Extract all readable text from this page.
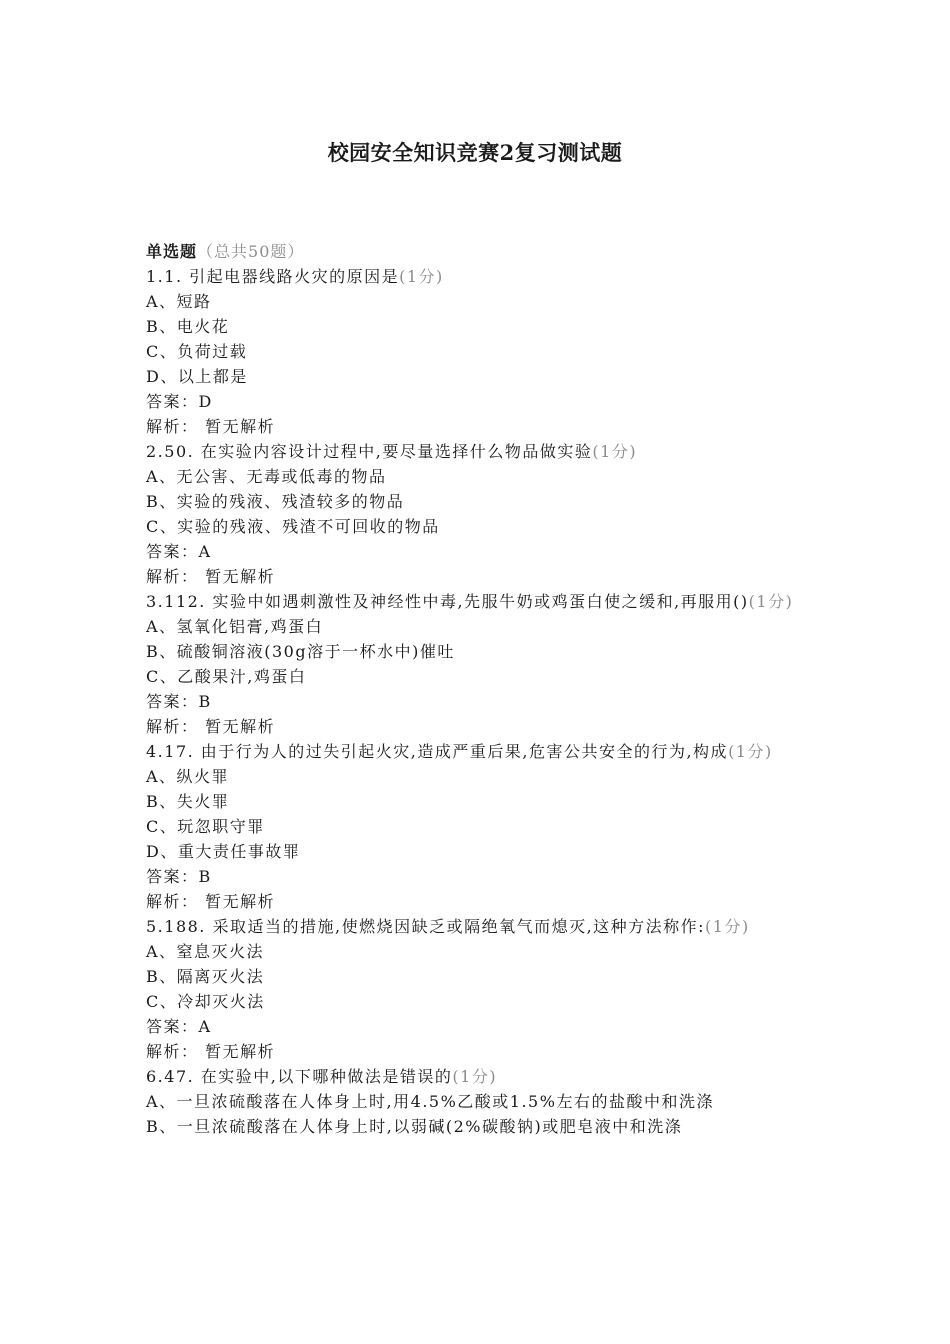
校园安全知识竞赛2复习测试题
单选题（总共50题）
1.1. 引起电器线路火灾的原因是(1分)
A、短路
B、电火花
C、负荷过载
D、以上都是
答案：D
解析： 暂无解析
2.50. 在实验内容设计过程中,要尽量选择什么物品做实验(1分)
A、无公害、无毒或低毒的物品
B、实验的残液、残渣较多的物品
C、实验的残液、残渣不可回收的物品
答案：A
解析： 暂无解析
3.112. 实验中如遇刺激性及神经性中毒,先服牛奶或鸡蛋白使之缓和,再服用()(1分)
A、氢氧化铝膏,鸡蛋白
B、硫酸铜溶液(30g溶于一杯水中)催吐
C、乙酸果汁,鸡蛋白
答案：B
解析： 暂无解析
4.17. 由于行为人的过失引起火灾,造成严重后果,危害公共安全的行为,构成(1分)
A、纵火罪
B、失火罪
C、玩忽职守罪
D、重大责任事故罪
答案：B
解析： 暂无解析
5.188. 采取适当的措施,使燃烧因缺乏或隔绝氧气而熄灭,这种方法称作:(1分)
A、窒息灭火法
B、隔离灭火法
C、冷却灭火法
答案：A
解析： 暂无解析
6.47. 在实验中,以下哪种做法是错误的(1分)
A、一旦浓硫酸落在人体身上时,用4.5%乙酸或1.5%左右的盐酸中和洗涤
B、一旦浓硫酸落在人体身上时,以弱碱(2%碳酸钠)或肥皂液中和洗涤
